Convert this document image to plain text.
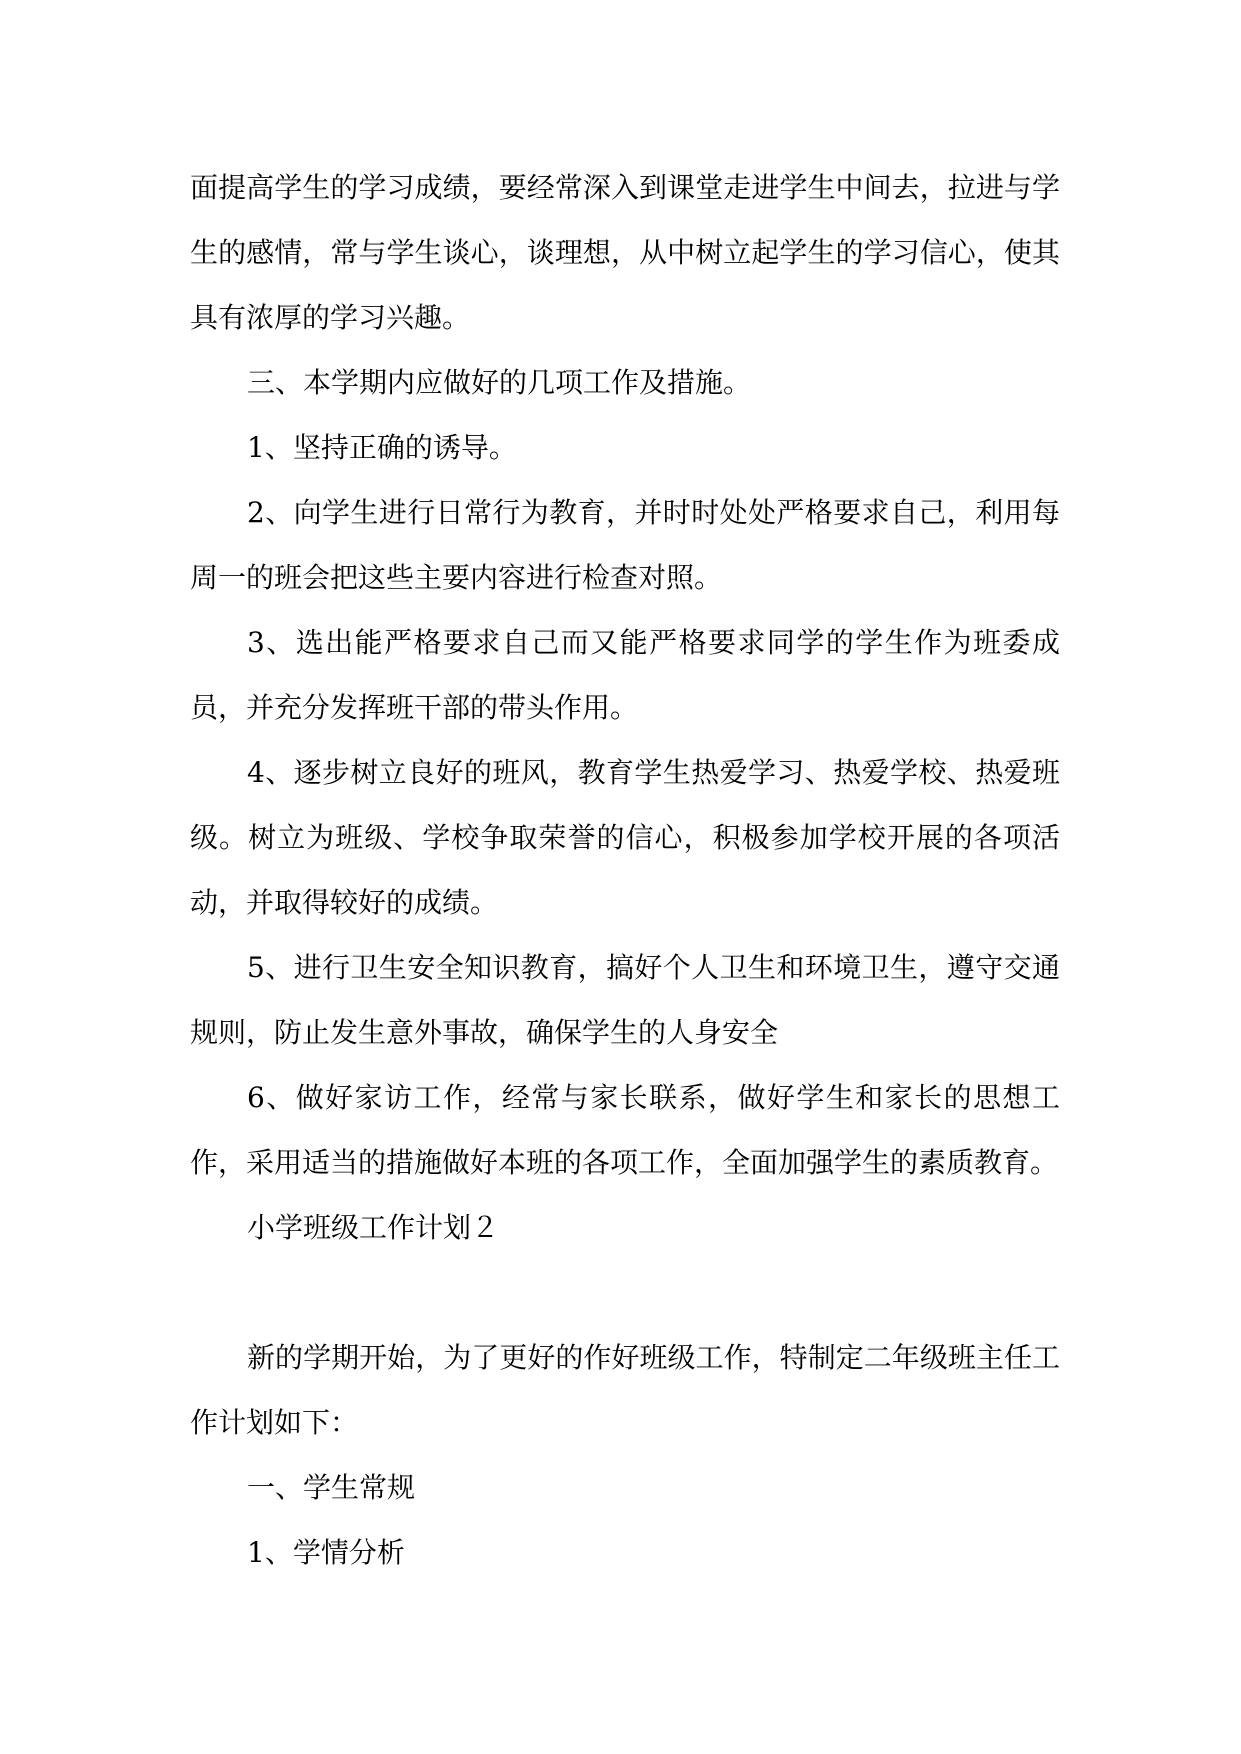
面提高学生的学习成绩，要经常深入到课堂走进学生中间去，拉进与学生的感情，常与学生谈心，谈理想，从中树立起学生的学习信心，使其具有浓厚的学习兴趣。

三、本学期内应做好的几项工作及措施。

1、坚持正确的诱导。

2、向学生进行日常行为教育，并时时处处严格要求自己，利用每周一的班会把这些主要内容进行检查对照。

3、选出能严格要求自己而又能严格要求同学的学生作为班委成员，并充分发挥班干部的带头作用。

4、逐步树立良好的班风，教育学生热爱学习、热爱学校、热爱班级。树立为班级、学校争取荣誉的信心，积极参加学校开展的各项活动，并取得较好的成绩。

5、进行卫生安全知识教育，搞好个人卫生和环境卫生，遵守交通规则，防止发生意外事故，确保学生的人身安全

6、做好家访工作，经常与家长联系，做好学生和家长的思想工作，采用适当的措施做好本班的各项工作，全面加强学生的素质教育。

小学班级工作计划２

新的学期开始，为了更好的作好班级工作，特制定二年级班主任工作计划如下：

一、学生常规

1、学情分析
